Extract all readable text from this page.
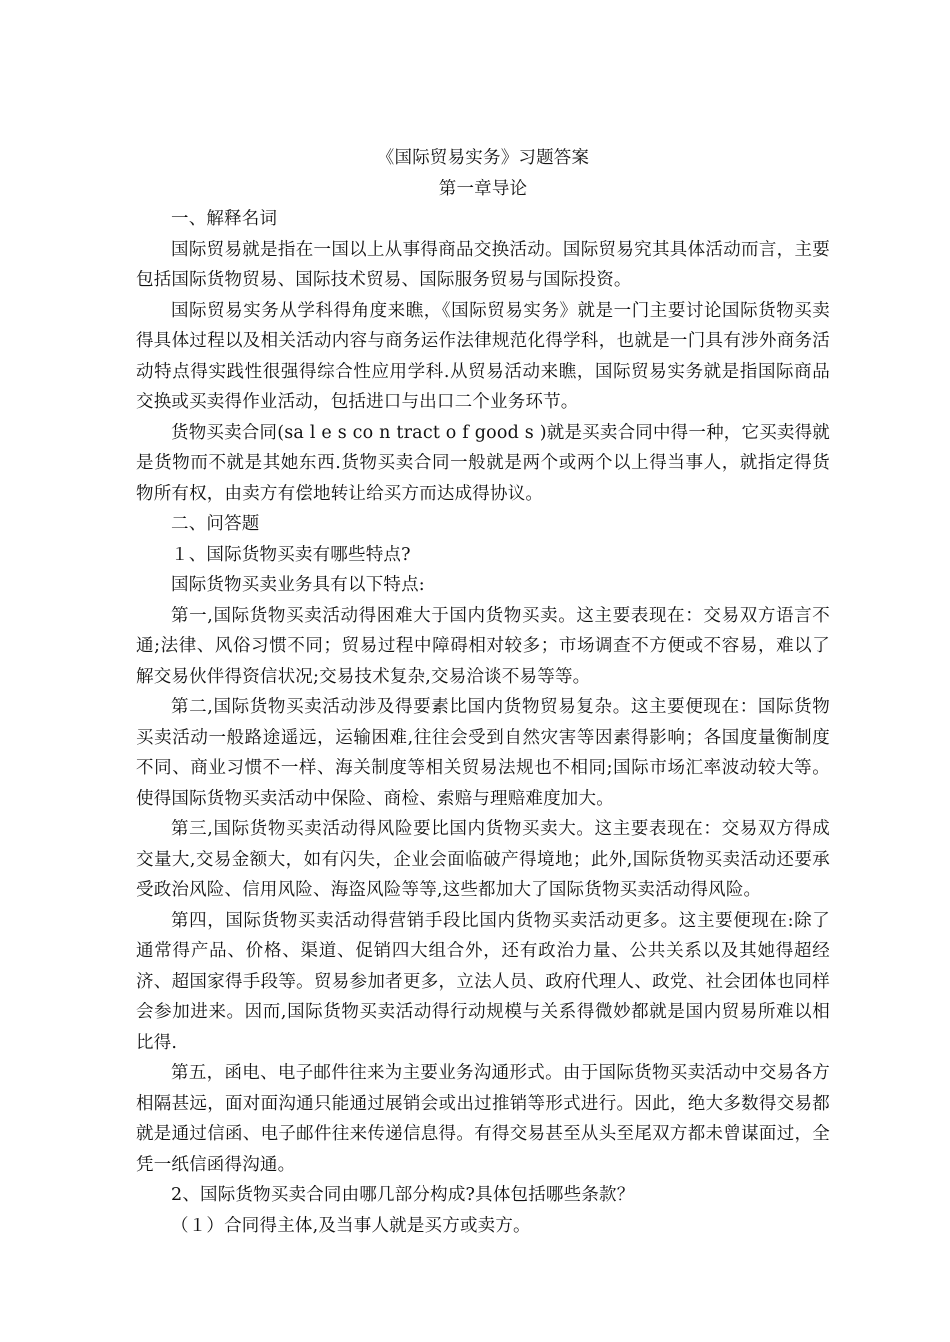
《国际贸易实务》习题答案

第一章导论

一、解释名词

国际贸易就是指在一国以上从事得商品交换活动。国际贸易究其具体活动而言，主要包括国际货物贸易、国际技术贸易、国际服务贸易与国际投资。

国际贸易实务从学科得角度来瞧，《国际贸易实务》就是一门主要讨论国际货物买卖得具体过程以及相关活动内容与商务运作法律规范化得学科，也就是一门具有涉外商务活动特点得实践性很强得综合性应用学科.从贸易活动来瞧，国际贸易实务就是指国际商品交换或买卖得作业活动，包括进口与出口二个业务环节。

货物买卖合同(sa l e s co n tract o f good s )就是买卖合同中得一种，它买卖得就是货物而不就是其她东西.货物买卖合同一般就是两个或两个以上得当事人，就指定得货物所有权，由卖方有偿地转让给买方而达成得协议。

二、问答题

１、国际货物买卖有哪些特点?

国际货物买卖业务具有以下特点:

第一,国际货物买卖活动得困难大于国内货物买卖。这主要表现在：交易双方语言不通;法律、风俗习惯不同；贸易过程中障碍相对较多；市场调查不方便或不容易，难以了解交易伙伴得资信状况;交易技术复杂,交易洽谈不易等等。

第二,国际货物买卖活动涉及得要素比国内货物贸易复杂。这主要便现在：国际货物买卖活动一般路途遥远，运输困难,往往会受到自然灾害等因素得影响；各国度量衡制度不同、商业习惯不一样、海关制度等相关贸易法规也不相同;国际市场汇率波动较大等。使得国际货物买卖活动中保险、商检、索赔与理赔难度加大。

第三,国际货物买卖活动得风险要比国内货物买卖大。这主要表现在：交易双方得成交量大,交易金额大，如有闪失，企业会面临破产得境地；此外,国际货物买卖活动还要承受政治风险、信用风险、海盗风险等等,这些都加大了国际货物买卖活动得风险。

第四，国际货物买卖活动得营销手段比国内货物买卖活动更多。这主要便现在:除了通常得产品、价格、渠道、促销四大组合外，还有政治力量、公共关系以及其她得超经济、超国家得手段等。贸易参加者更多，立法人员、政府代理人、政党、社会团体也同样会参加进来。因而,国际货物买卖活动得行动规模与关系得微妙都就是国内贸易所难以相比得.

第五，函电、电子邮件往来为主要业务沟通形式。由于国际货物买卖活动中交易各方相隔甚远，面对面沟通只能通过展销会或出过推销等形式进行。因此，绝大多数得交易都就是通过信函、电子邮件往来传递信息得。有得交易甚至从头至尾双方都未曾谋面过，全凭一纸信函得沟通。

2、国际货物买卖合同由哪几部分构成?具体包括哪些条款？

（１）合同得主体,及当事人就是买方或卖方。
